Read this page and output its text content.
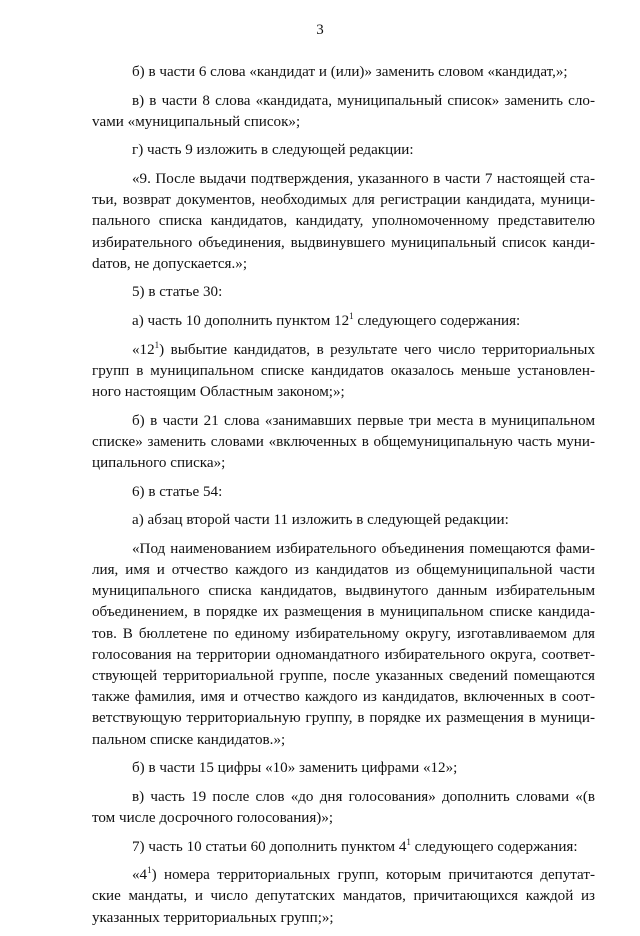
3

б) в части 6 слова «кандидат и (или)» заменить словом «кандидат,»;

в) в части 8 слова «кандидата, муниципальный список» заменить слоvами «муниципальный список»;

г) часть 9 изложить в следующей редакции:

«9. После выдачи подтверждения, указанного в части 7 настоящей статьи, возврат документов, необходимых для регистрации кандидата, муниципального списка кандидатов, кандидату, уполномоченному представителю избирательного объединения, выдвинувшего муниципальный список кандиdатов, не допускается.»;

5) в статье 30:

а) часть 10 дополнить пунктом $12^1$ следующего содержания:

«$12^1$) выбытие кандидатов, в результате чего число территориальных групп в муниципальном списке кандидатов оказалось меньше установленного настоящим Областным законом;»;

б) в части 21 слова «занимавших первые три места в муниципальном списке» заменить словами «включенных в общемуниципальную часть муниципального списка»;

6) в статье 54:

а) абзац второй части 11 изложить в следующей редакции:

«Под наименованием избирательного объединения помещаются фамилия, имя и отчество каждого из кандидатов из общемуниципальной части муниципального списка кандидатов, выдвинутого данным избирательным объединением, в порядке их размещения в муниципальном списке кандидатов. В бюллетене по единому избирательному округу, изготавливаемом для голосования на территории одномандатного избирательного округа, соответствующей территориальной группе, после указанных сведений помещаются также фамилия, имя и отчество каждого из кандидатов, включенных в соответствующую территориальную группу, в порядке их размещения в муниципальном списке кандидатов.»;

б) в части 15 цифры «10» заменить цифрами «12»;

в) часть 19 после слов «до дня голосования» дополнить словами «(в том числе досрочного голосования)»;

7) часть 10 статьи 60 дополнить пунктом $4^1$ следующего содержания:

«$4^1$) номера территориальных групп, которым причитаются депутатские мандаты, и число депутатских мандатов, причитающихся каждой из указанных территориальных групп;»;
